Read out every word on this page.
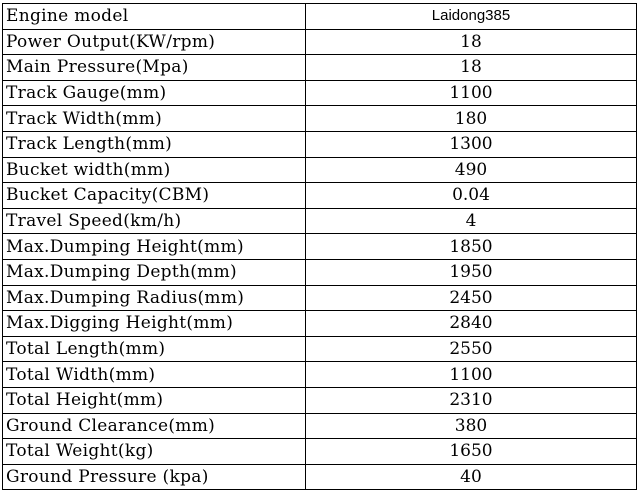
Engine model	Laidong385
Power Output(KW/rpm)	18
Main Pressure(Mpa)	18
Track Gauge(mm)	1100
Track Width(mm)	180
Track Length(mm)	1300
Bucket width(mm)	490
Bucket Capacity(CBM)	0.04
Travel Speed(km/h)	4
Max.Dumping Height(mm)	1850
Max.Dumping Depth(mm)	1950
Max.Dumping Radius(mm)	2450
Max.Digging Height(mm)	2840
Total Length(mm)	2550
Total Width(mm)	1100
Total Height(mm)	2310
Ground Clearance(mm)	380
Total Weight(kg)	1650
Ground Pressure (kpa)	40
